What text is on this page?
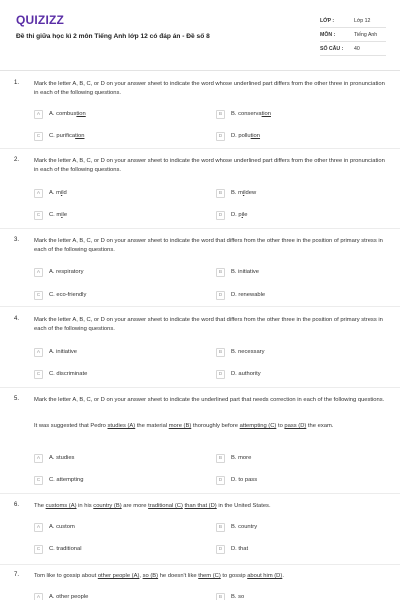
QUIZIZZ
Đề thi giữa học kì 2 môn Tiếng Anh lớp 12 có đáp án - Đề số 8
LỚP :	Lớp 12
MÔN :	Tiếng Anh
SỐ CÂU :	40
1.	Mark the letter A, B, C, or D on your answer sheet to indicate the word whose underlined part differs from the other three in pronunciation in each of the following questions.
A	A. combustion	B	B. conservation
C	C. purification	D	D. pollution
2.	Mark the letter A, B, C, or D on your answer sheet to indicate the word whose underlined part differs from the other three in pronunciation in each of the following questions.
A	A. mild	B	B. mildew
C	C. mile	D	D. pile
3.	Mark the letter A, B, C, or D on your answer sheet to indicate the word that differs from the other three in the position of primary stress in each of the following questions.
A	A. respiratory	B	B. initiative
C	C. eco-friendly	D	D. renewable
4.	Mark the letter A, B, C, or D on your answer sheet to indicate the word that differs from the other three in the position of primary stress in each of the following questions.
A	A. initiative	B	B. necessary
C	C. discriminate	D	D. authority
5.	Mark the letter A, B, C, or D on your answer sheet to indicate the underlined part that needs correction in each of the following questions.
It was suggested that Pedro studies (A) the material more (B) thoroughly before attempting (C) to pass (D) the exam.
A	A. studies	B	B. more
C	C. attempting	D	D. to pass
6.	The customs (A) in his country (B) are more traditional (C) than that (D) in the United States.
A	A. custom	B	B. country
C	C. traditional	D	D. that
7.	Tom like to gossip about other people (A), so (B) he doesn't like them (C) to gossip about him (D).
A	A. other people	B	B. so
